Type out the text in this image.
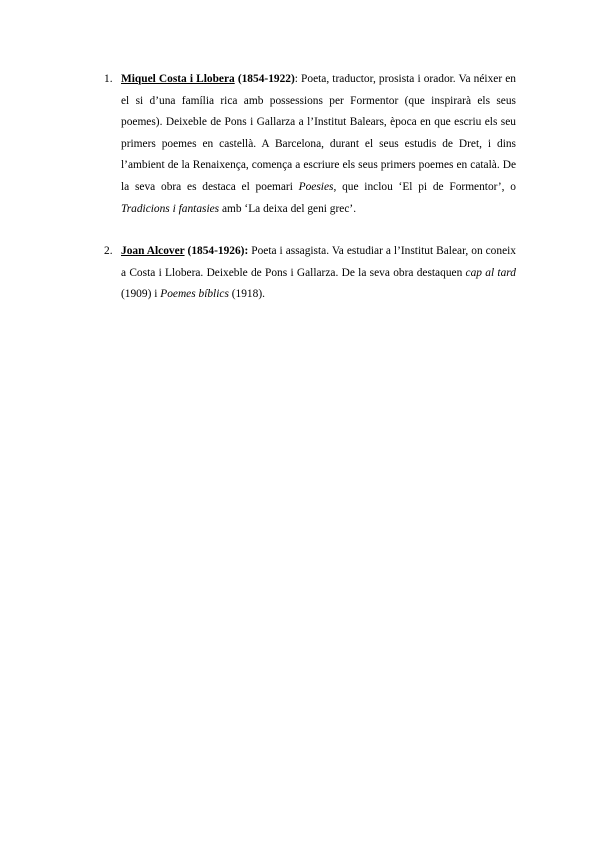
1. Miquel Costa i Llobera (1854-1922): Poeta, traductor, prosista i orador. Va néixer en el si d’una família rica amb possessions per Formentor (que inspirarà els seus poemes). Deixeble de Pons i Gallarza a l’Institut Balears, època en que escriu els seu primers poemes en castellà. A Barcelona, durant el seus estudis de Dret, i dins l’ambient de la Renaixença, comença a escriure els seus primers poemes en català. De la seva obra es destaca el poemari Poesies, que inclou ‘El pi de Formentor’, o Tradicions i fantasies amb ‘La deixa del geni grec’.
2. Joan Alcover (1854-1926): Poeta i assagista. Va estudiar a l’Institut Balear, on coneix a Costa i Llobera. Deixeble de Pons i Gallarza. De la seva obra destaquen cap al tard (1909) i Poemes bíblics (1918).
